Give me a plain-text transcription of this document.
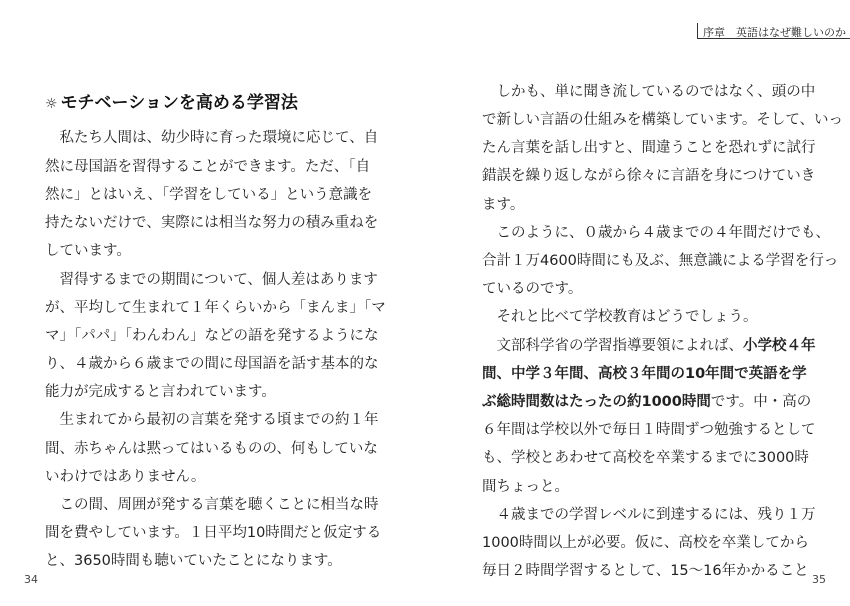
序章　英語はなぜ難しいのか
☼ モチベーションを高める学習法
　私たち人間は、幼少時に育った環境に応じて、自
然に母国語を習得することができます。ただ、「自
然に」とはいえ、「学習をしている」という意識を
持たないだけで、実際には相当な努力の積み重ねを
しています。
　習得するまでの期間について、個人差はあります
が、平均して生まれて１年くらいから「まんま」「マ
マ」「パパ」「わんわん」などの語を発するようにな
り、４歳から６歳までの間に母国語を話す基本的な
能力が完成すると言われています。
　生まれてから最初の言葉を発する頃までの約１年
間、赤ちゃんは黙ってはいるものの、何もしていな
いわけではありません。
　この間、周囲が発する言葉を聴くことに相当な時
間を費やしています。１日平均10時間だと仮定する
と、3650時間も聴いていたことになります。
34
　しかも、単に聞き流しているのではなく、頭の中
で新しい言語の仕組みを構築しています。そして、いっ
たん言葉を話し出すと、間違うことを恐れずに試行
錯誤を繰り返しながら徐々に言語を身につけていき
ます。
　このように、０歳から４歳までの４年間だけでも、
合計１万4600時間にも及ぶ、無意識による学習を行っ
ているのです。
　それと比べて学校教育はどうでしょう。
　文部科学省の学習指導要領によれば、小学校４年
間、中学３年間、高校３年間の10年間で英語を学
ぶ総時間数はたったの約1000時間です。中・高の
６年間は学校以外で毎日１時間ずつ勉強するとして
も、学校とあわせて高校を卒業するまでに3000時
間ちょっと。
　４歳までの学習レベルに到達するには、残り１万
1000時間以上が必要。仮に、高校を卒業してから
毎日２時間学習するとして、15～16年かかること
35
